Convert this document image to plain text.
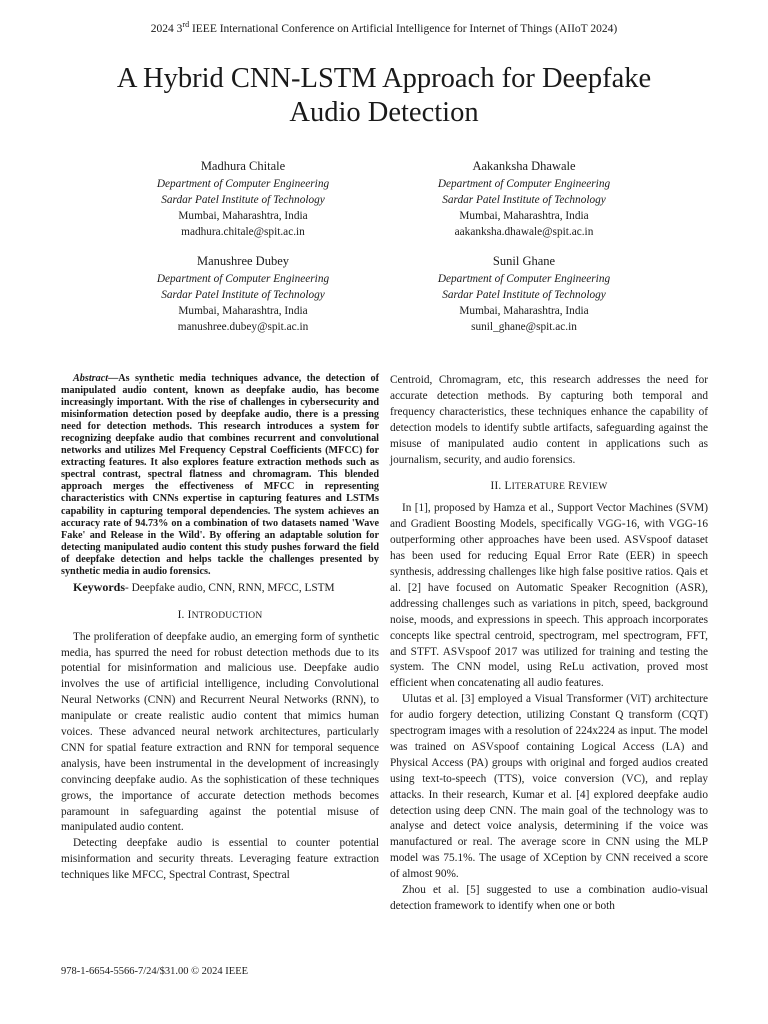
2024 3rd IEEE International Conference on Artificial Intelligence for Internet of Things (AIIoT 2024)
A Hybrid CNN-LSTM Approach for Deepfake
Audio Detection
Madhura Chitale
Department of Computer Engineering
Sardar Patel Institute of Technology
Mumbai, Maharashtra, India
madhura.chitale@spit.ac.in
Aakanksha Dhawale
Department of Computer Engineering
Sardar Patel Institute of Technology
Mumbai, Maharashtra, India
aakanksha.dhawale@spit.ac.in
Manushree Dubey
Department of Computer Engineering
Sardar Patel Institute of Technology
Mumbai, Maharashtra, India
manushree.dubey@spit.ac.in
Sunil Ghane
Department of Computer Engineering
Sardar Patel Institute of Technology
Mumbai, Maharashtra, India
sunil_ghane@spit.ac.in

Abstract—As synthetic media techniques advance, the detection of manipulated audio content, known as deepfake audio, has become increasingly important. With the rise of challenges in cybersecurity and misinformation detection posed by deepfake audio, there is a pressing need for detection methods. This research introduces a system for recognizing deepfake audio that combines recurrent and convolutional networks and utilizes Mel Frequency Cepstral Coefficients (MFCC) for extracting features. It also explores feature extraction methods such as spectral contrast, spectral flatness and chromagram. This blended approach merges the effectiveness of MFCC in representing characteristics with CNNs expertise in capturing features and LSTMs capability in capturing temporal dependencies. The system achieves an accuracy rate of 94.73% on a combination of two datasets named 'Wave Fake' and Release in the Wild'. By offering an adaptable solution for detecting manipulated audio content this study pushes forward the field of deepfake detection and helps tackle the challenges presented by synthetic media in audio forensics.

Keywords- Deepfake audio, CNN, RNN, MFCC, LSTM

I. INTRODUCTION

The proliferation of deepfake audio, an emerging form of synthetic media, has spurred the need for robust detection methods due to its potential for misinformation and malicious use. Deepfake audio involves the use of artificial intelligence, including Convolutional Neural Networks (CNN) and Recurrent Neural Networks (RNN), to manipulate or create realistic audio content that mimics human voices. These advanced neural network architectures, particularly CNN for spatial feature extraction and RNN for temporal sequence analysis, have been instrumental in the development of increasingly convincing deepfake audio. As the sophistication of these techniques grows, the importance of accurate detection methods becomes paramount in safeguarding against the potential misuse of manipulated audio content.

Detecting deepfake audio is essential to counter potential misinformation and security threats. Leveraging feature extraction techniques like MFCC, Spectral Contrast, Spectral

Centroid, Chromagram, etc, this research addresses the need for accurate detection methods. By capturing both temporal and frequency characteristics, these techniques enhance the capability of detection models to identify subtle artifacts, safeguarding against the misuse of manipulated audio content in applications such as journalism, security, and audio forensics.

II. LITERATURE REVIEW

In [1], proposed by Hamza et al., Support Vector Machines (SVM) and Gradient Boosting Models, specifically VGG-16, with VGG-16 outperforming other approaches have been used. ASVspoof dataset has been used for reducing Equal Error Rate (EER) in speech synthesis, addressing challenges like high false positive ratios. Qais et al. [2] have focused on Automatic Speaker Recognition (ASR), addressing challenges such as variations in pitch, speed, background noise, moods, and expressions in speech. This approach incorporates concepts like spectral centroid, spectrogram, mel spectrogram, FFT, and STFT. ASVspoof 2017 was utilized for training and testing the system. The CNN model, using ReLu activation, proved most efficient when concatenating all audio features.

Ulutas et al. [3] employed a Visual Transformer (ViT) architecture for audio forgery detection, utilizing Constant Q transform (CQT) spectrogram images with a resolution of 224x224 as input. The model was trained on ASVspoof containing Logical Access (LA) and Physical Access (PA) groups with original and forged audios created using text-to-speech (TTS), voice conversion (VC), and replay attacks. In their research, Kumar et al. [4] explored deepfake audio detection using deep CNN. The main goal of the technology was to analyse and detect voice analysis, determining if the voice was manufactured or real. The average score in CNN using the MLP model was 75.1%. The usage of XCeption by CNN received a score of almost 90%.

Zhou et al. [5] suggested to use a combination audio-visual detection framework to identify when one or both

978-1-6654-5566-7/24/$31.00 © 2024 IEEE
